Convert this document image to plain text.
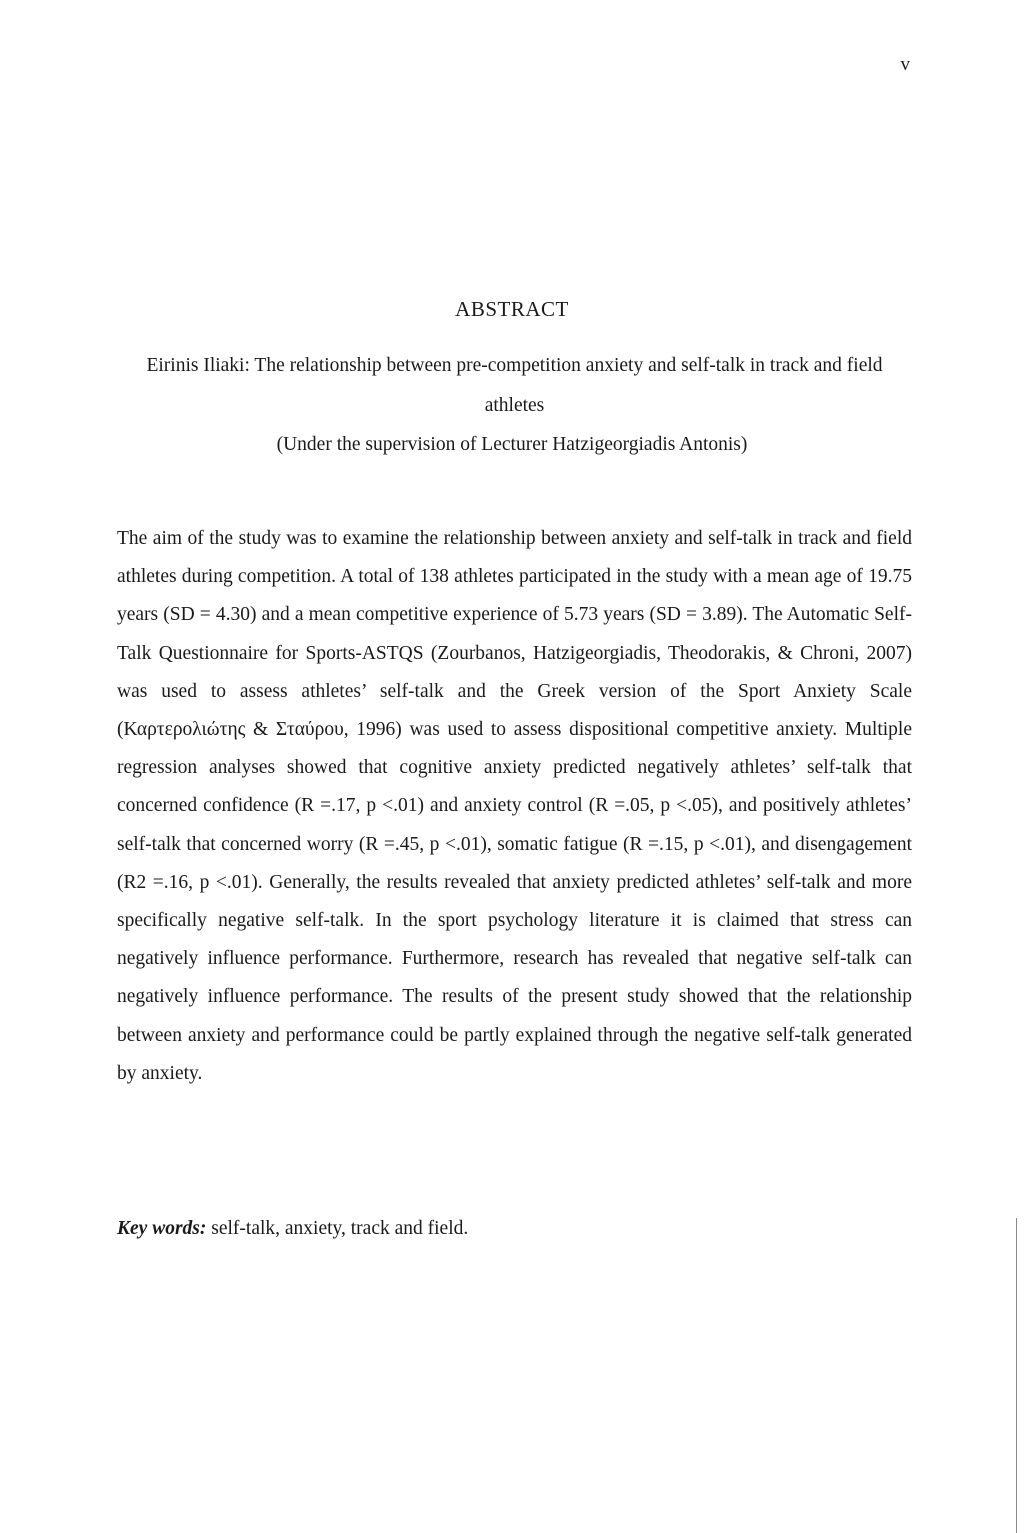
v
ABSTRACT
Eirinis Iliaki: The relationship between pre-competition anxiety and self-talk in track and field athletes
(Under the supervision of Lecturer Hatzigeorgiadis Antonis)

The aim of the study was to examine the relationship between anxiety and self-talk in track and field athletes during competition. A total of 138 athletes participated in the study with a mean age of 19.75 years (SD = 4.30) and a mean competitive experience of 5.73 years (SD = 3.89). The Automatic Self-Talk Questionnaire for Sports-ASTQS (Zourbanos, Hatzigeorgiadis, Theodorakis, & Chroni, 2007) was used to assess athletes’ self-talk and the Greek version of the Sport Anxiety Scale (Καρτερολιώτης & Σταύρου, 1996) was used to assess dispositional competitive anxiety. Multiple regression analyses showed that cognitive anxiety predicted negatively athletes’ self-talk that concerned confidence (R =.17, p <.01) and anxiety control (R =.05, p <.05), and positively athletes’ self-talk that concerned worry (R =.45, p <.01), somatic fatigue (R =.15, p <.01), and disengagement (R2 =.16, p <.01). Generally, the results revealed that anxiety predicted athletes’ self-talk and more specifically negative self-talk. In the sport psychology literature it is claimed that stress can negatively influence performance. Furthermore, research has revealed that negative self-talk can negatively influence performance. The results of the present study showed that the relationship between anxiety and performance could be partly explained through the negative self-talk generated by anxiety.

Key words: self-talk, anxiety, track and field.
